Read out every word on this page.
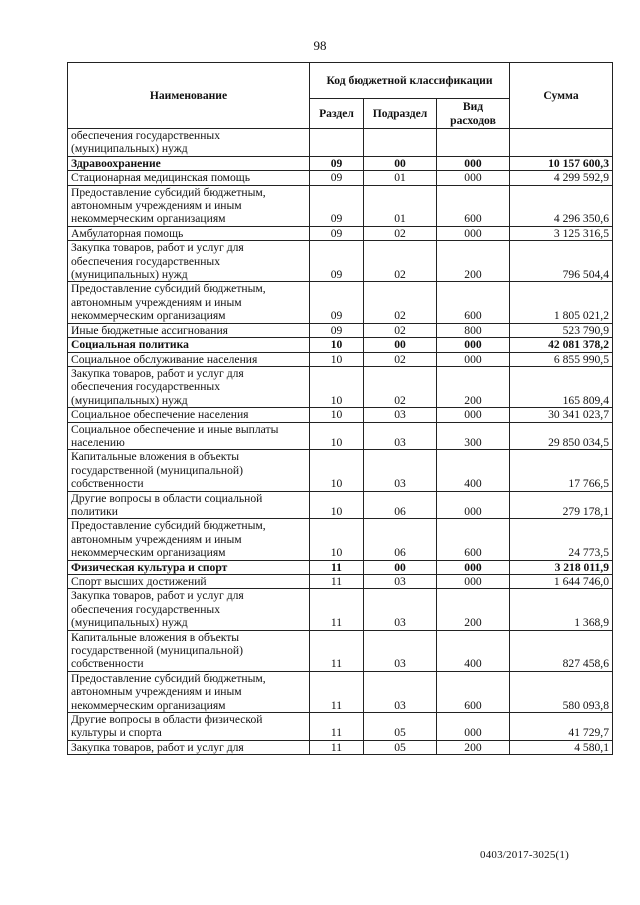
98
Наименование	Код бюджетной классификации			Сумма
	Раздел	Подраздел	Вид расходов	
обеспечения государственных (муниципальных) нужд				
Здравоохранение	09	00	000	10 157 600,3
Стационарная медицинская помощь	09	01	000	4 299 592,9
Предоставление субсидий бюджетным, автономным учреждениям и иным некоммерческим организациям	09	01	600	4 296 350,6
Амбулаторная помощь	09	02	000	3 125 316,5
Закупка товаров, работ и услуг для обеспечения государственных (муниципальных) нужд	09	02	200	796 504,4
Предоставление субсидий бюджетным, автономным учреждениям и иным некоммерческим организациям	09	02	600	1 805 021,2
Иные бюджетные ассигнования	09	02	800	523 790,9
Социальная политика	10	00	000	42 081 378,2
Социальное обслуживание населения	10	02	000	6 855 990,5
Закупка товаров, работ и услуг для обеспечения государственных (муниципальных) нужд	10	02	200	165 809,4
Социальное обеспечение населения	10	03	000	30 341 023,7
Социальное обеспечение и иные выплаты населению	10	03	300	29 850 034,5
Капитальные вложения в объекты государственной (муниципальной) собственности	10	03	400	17 766,5
Другие вопросы в области социальной политики	10	06	000	279 178,1
Предоставление субсидий бюджетным, автономным учреждениям и иным некоммерческим организациям	10	06	600	24 773,5
Физическая культура и спорт	11	00	000	3 218 011,9
Спорт высших достижений	11	03	000	1 644 746,0
Закупка товаров, работ и услуг для обеспечения государственных (муниципальных) нужд	11	03	200	1 368,9
Капитальные вложения в объекты государственной (муниципальной) собственности	11	03	400	827 458,6
Предоставление субсидий бюджетным, автономным учреждениям и иным некоммерческим организациям	11	03	600	580 093,8
Другие вопросы в области физической культуры и спорта	11	05	000	41 729,7
Закупка товаров, работ и услуг для	11	05	200	4 580,1
0403/2017-3025(1)
